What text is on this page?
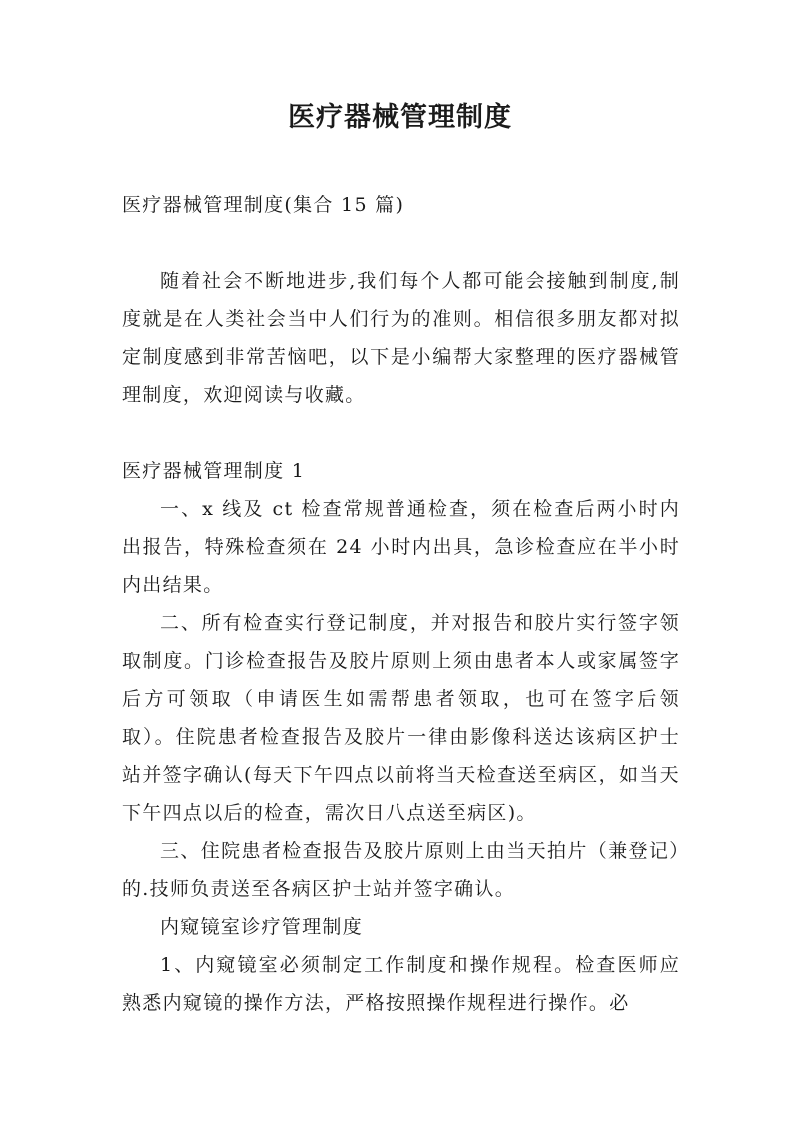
医疗器械管理制度

医疗器械管理制度(集合 15 篇)

随着社会不断地进步,我们每个人都可能会接触到制度,制度就是在人类社会当中人们行为的准则。相信很多朋友都对拟定制度感到非常苦恼吧，以下是小编帮大家整理的医疗器械管理制度，欢迎阅读与收藏。

医疗器械管理制度 1

一、x 线及 ct 检查常规普通检查，须在检查后两小时内出报告，特殊检查须在 24 小时内出具，急诊检查应在半小时内出结果。

二、所有检查实行登记制度，并对报告和胶片实行签字领取制度。门诊检查报告及胶片原则上须由患者本人或家属签字后方可领取（申请医生如需帮患者领取，也可在签字后领取）。住院患者检查报告及胶片一律由影像科送达该病区护士站并签字确认(每天下午四点以前将当天检查送至病区，如当天下午四点以后的检查，需次日八点送至病区)。

三、住院患者检查报告及胶片原则上由当天拍片（兼登记）的.技师负责送至各病区护士站并签字确认。

内窥镜室诊疗管理制度

1、内窥镜室必须制定工作制度和操作规程。检查医师应熟悉内窥镜的操作方法，严格按照操作规程进行操作。必
